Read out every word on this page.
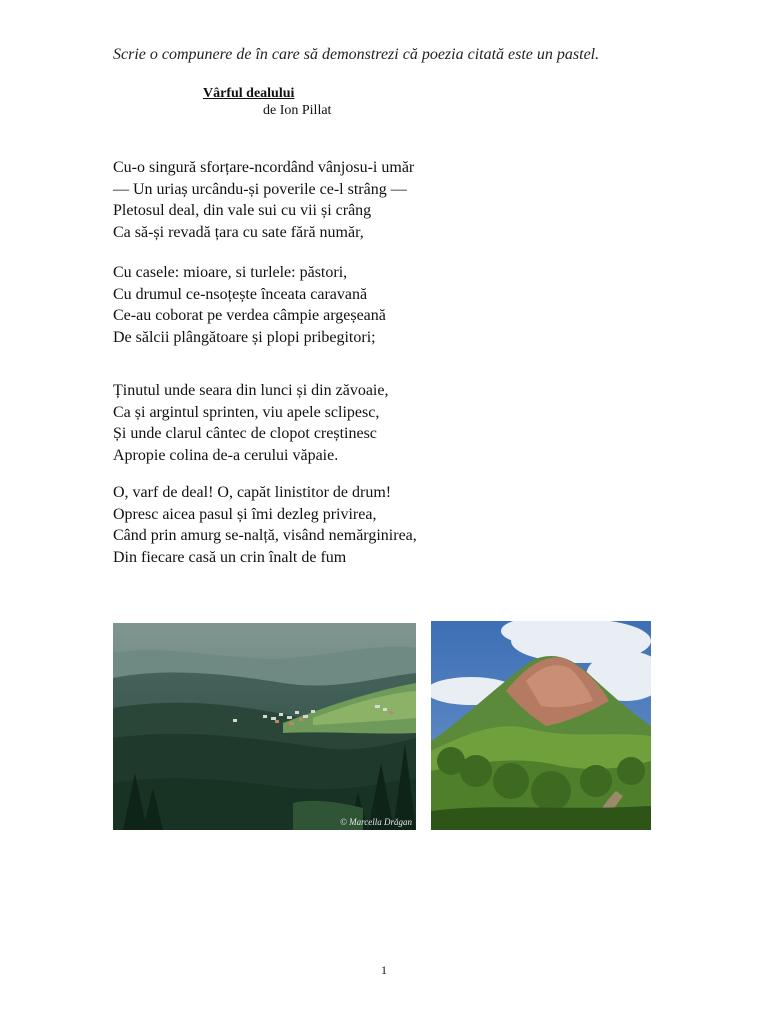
Scrie o compunere de în care să demonstrezi că poezia citată este un pastel.
Vârful dealului
de Ion Pillat
Cu-o singură sforțare-ncordând vânjosu-i umăr
— Un uriaș urcându-și poverile ce-l strâng —
Pletosul deal, din vale sui cu vii și crâng
Ca să-și revadă țara cu sate fără număr,
Cu casele: mioare, si turlele: păstori,
Cu drumul ce-nsoțește înceata caravană
Ce-au coborat pe verdea câmpie argeșeană
De sălcii plângătoare și plopi pribegitori;
Ținutul unde seara din lunci și din zăvoaie,
Ca și argintul sprinten, viu apele sclipesc,
Și unde clarul cântec de clopot creștinesc
Apropie colina de-a cerului văpaie.
O, varf de deal! O, capăt linistitor de drum!
Opresc aicea pasul și îmi dezleg privirea,
Când prin amurg se-nalță, visând nemărginirea,
Din fiecare casă un crin înalt de fum
© Marcella Drăgan
1
